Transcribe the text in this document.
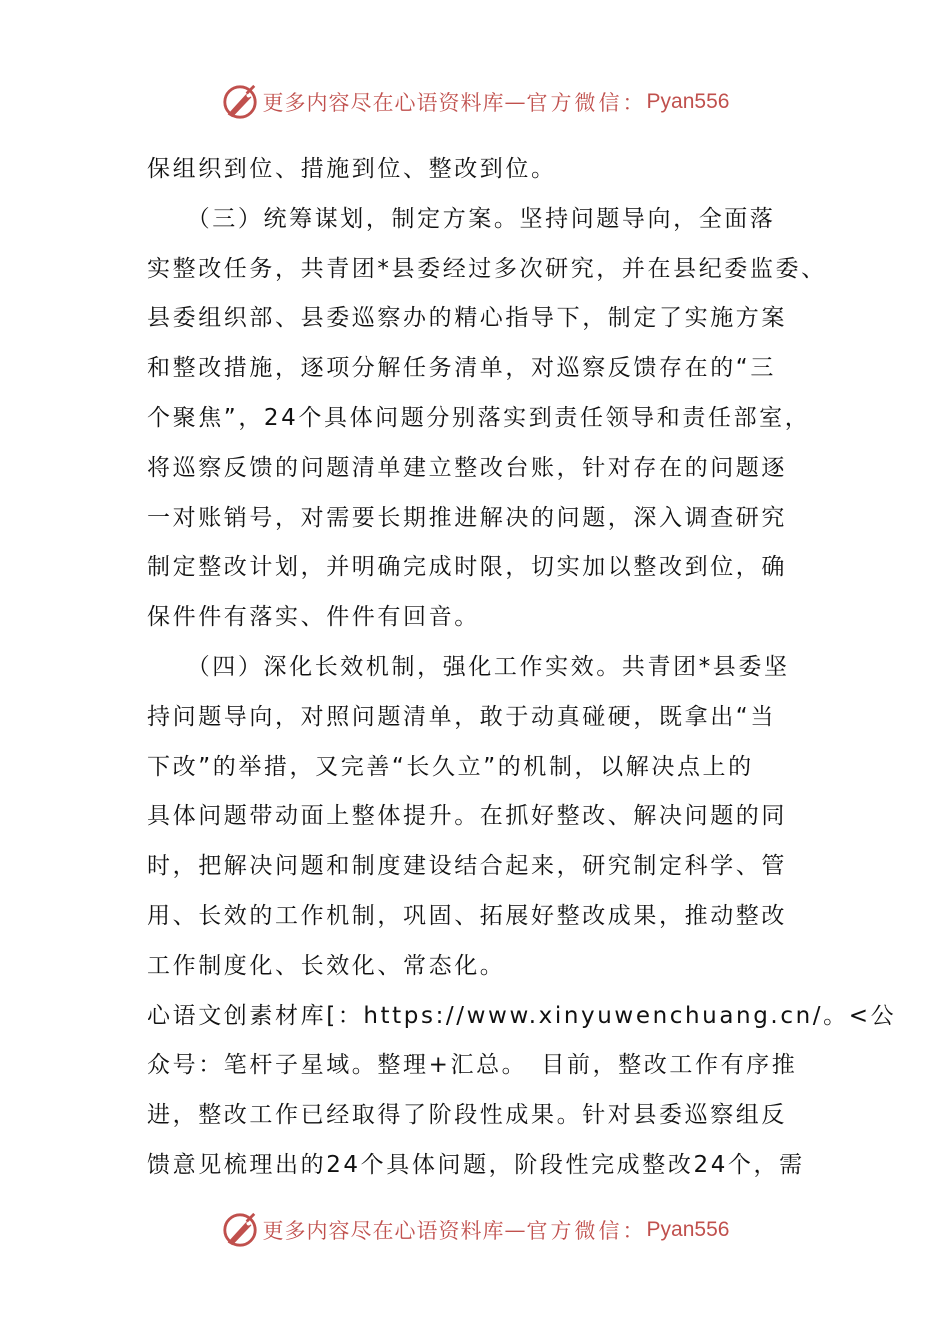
更多内容尽在心语资料库 — 官方微信： Pyan556
保组织到位、措施到位、整改到位。
　　（三）统筹谋划，制定方案。坚持问题导向，全面落
实整改任务，共青团*县委经过多次研究，并在县纪委监委、
县委组织部、县委巡察办的精心指导下，制定了实施方案
和整改措施，逐项分解任务清单，对巡察反馈存在的“三
个聚焦”，24个具体问题分别落实到责任领导和责任部室，
将巡察反馈的问题清单建立整改台账，针对存在的问题逐
一对账销号，对需要长期推进解决的问题，深入调查研究
制定整改计划，并明确完成时限，切实加以整改到位，确
保件件有落实、件件有回音。
　　（四）深化长效机制，强化工作实效。共青团*县委坚
持问题导向，对照问题清单，敢于动真碰硬，既拿出“当
下改”的举措，又完善“长久立”的机制，以解决点上的
具体问题带动面上整体提升。在抓好整改、解决问题的同
时，把解决问题和制度建设结合起来，研究制定科学、管
用、长效的工作机制，巩固、拓展好整改成果，推动整改
工作制度化、长效化、常态化。
心语文创素材库[：https://www.xinyuwenchuang.cn/。<公
众号：笔杆子星域。整理+汇总。　目前，整改工作有序推
进，整改工作已经取得了阶段性成果。针对县委巡察组反
馈意见梳理出的24个具体问题，阶段性完成整改24个，需
更多内容尽在心语资料库 — 官方微信： Pyan556
